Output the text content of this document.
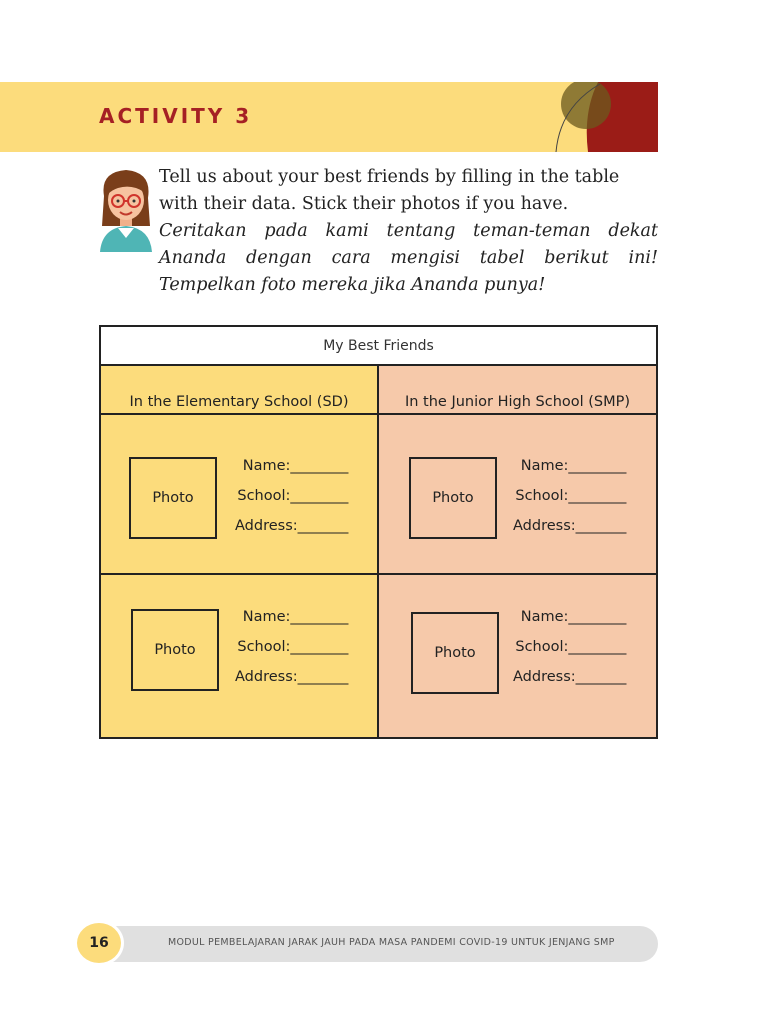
ACTIVITY 3
Tell us about your best friends by filling in the table with their data. Stick their photos if you have.
Ceritakan pada kami tentang teman-teman dekat Ananda dengan cara mengisi tabel berikut ini! Tempelkan foto mereka jika Ananda punya!
My Best Friends
In the Elementary School (SD)
Photo
Name:________
School:________
Address:_______
Photo
Name:________
School:________
Address:_______
In the Junior High School (SMP)
Photo
Name:________
School:________
Address:_______
Photo
Name:________
School:________
Address:_______
MODUL PEMBELAJARAN JARAK JAUH PADA MASA PANDEMI COVID-19 UNTUK JENJANG SMP
16
